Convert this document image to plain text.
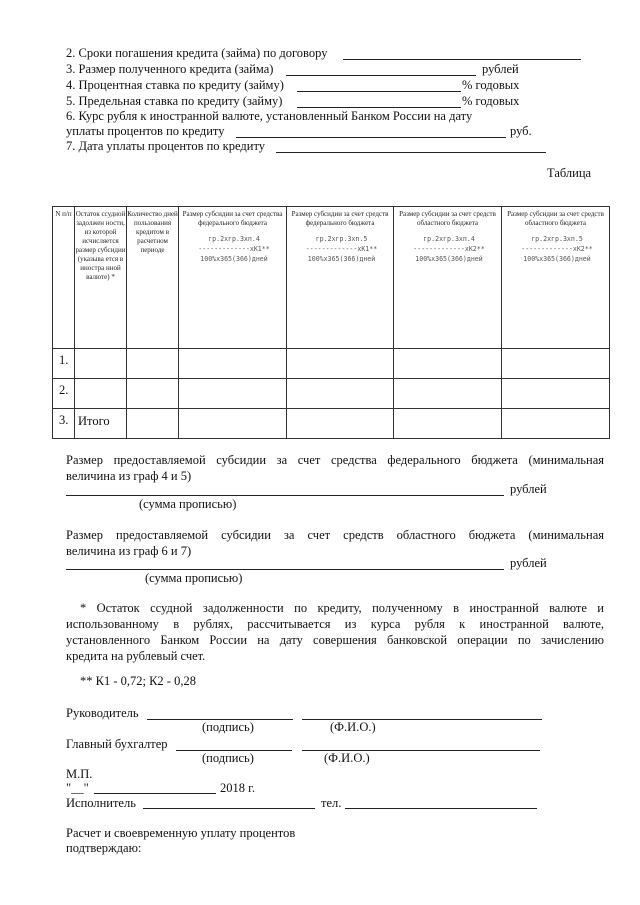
2. Сроки погашения кредита (займа) по договору
3. Размер полученного кредита (займа)	рублей
4. Процентная ставка по кредиту (займу)	% годовых
5. Предельная ставка по кредиту (займу)	% годовых
6. Курс рубля к иностранной валюте, установленный Банком России на дату
уплаты процентов по кредиту	руб.
7. Дата уплаты процентов по кредиту
Таблица
N п/п	Остаток ссудной задолжен ности, из которой исчисляется размер субсидии (указыва ется в иностра нной валюте) *	Количество дней пользования кредитом в расчетном периоде	Размер субсидии за счет средства федерального бюджета
гр.2хгр.3хп.4
-------------хК1**
100%х365(366)дней	Размер субсидии за счет средств федерального бюджета
гр.2хгр.3хп.5
-------------хК1**
100%х365(366)дней	Размер субсидии за счет средств областного бюджета
гр.2хгр.3хп.4
-------------хК2**
100%х365(366)дней	Размер субсидии за счет средств областного бюджета
гр.2хгр.3хп.5
-------------хК2**
100%х365(366)дней

1.						
2.						
3.	Итого					
Размер предоставляемой субсидии за счет средства федерального бюджета (минимальная
величина из граф 4 и 5)
рублей
(сумма прописью)
Размер предоставляемой субсидии за счет средств областного бюджета (минимальная
величина из граф 6 и 7)
рублей
(сумма прописью)
* Остаток ссудной задолженности по кредиту, полученному в иностранной валюте и
использованному в рублях, рассчитывается из курса рубля к иностранной валюте,
установленного Банком России на дату совершения банковской операции по зачислению
кредита на рублевый счет.
** К1 - 0,72; К2 - 0,28
Руководитель
(подпись)	(Ф.И.О.)
Главный бухгалтер
(подпись)	(Ф.И.О.)
М.П.
"__"	2018 г.
Исполнитель	тел.
Расчет и своевременную уплату процентов
подтверждаю:
